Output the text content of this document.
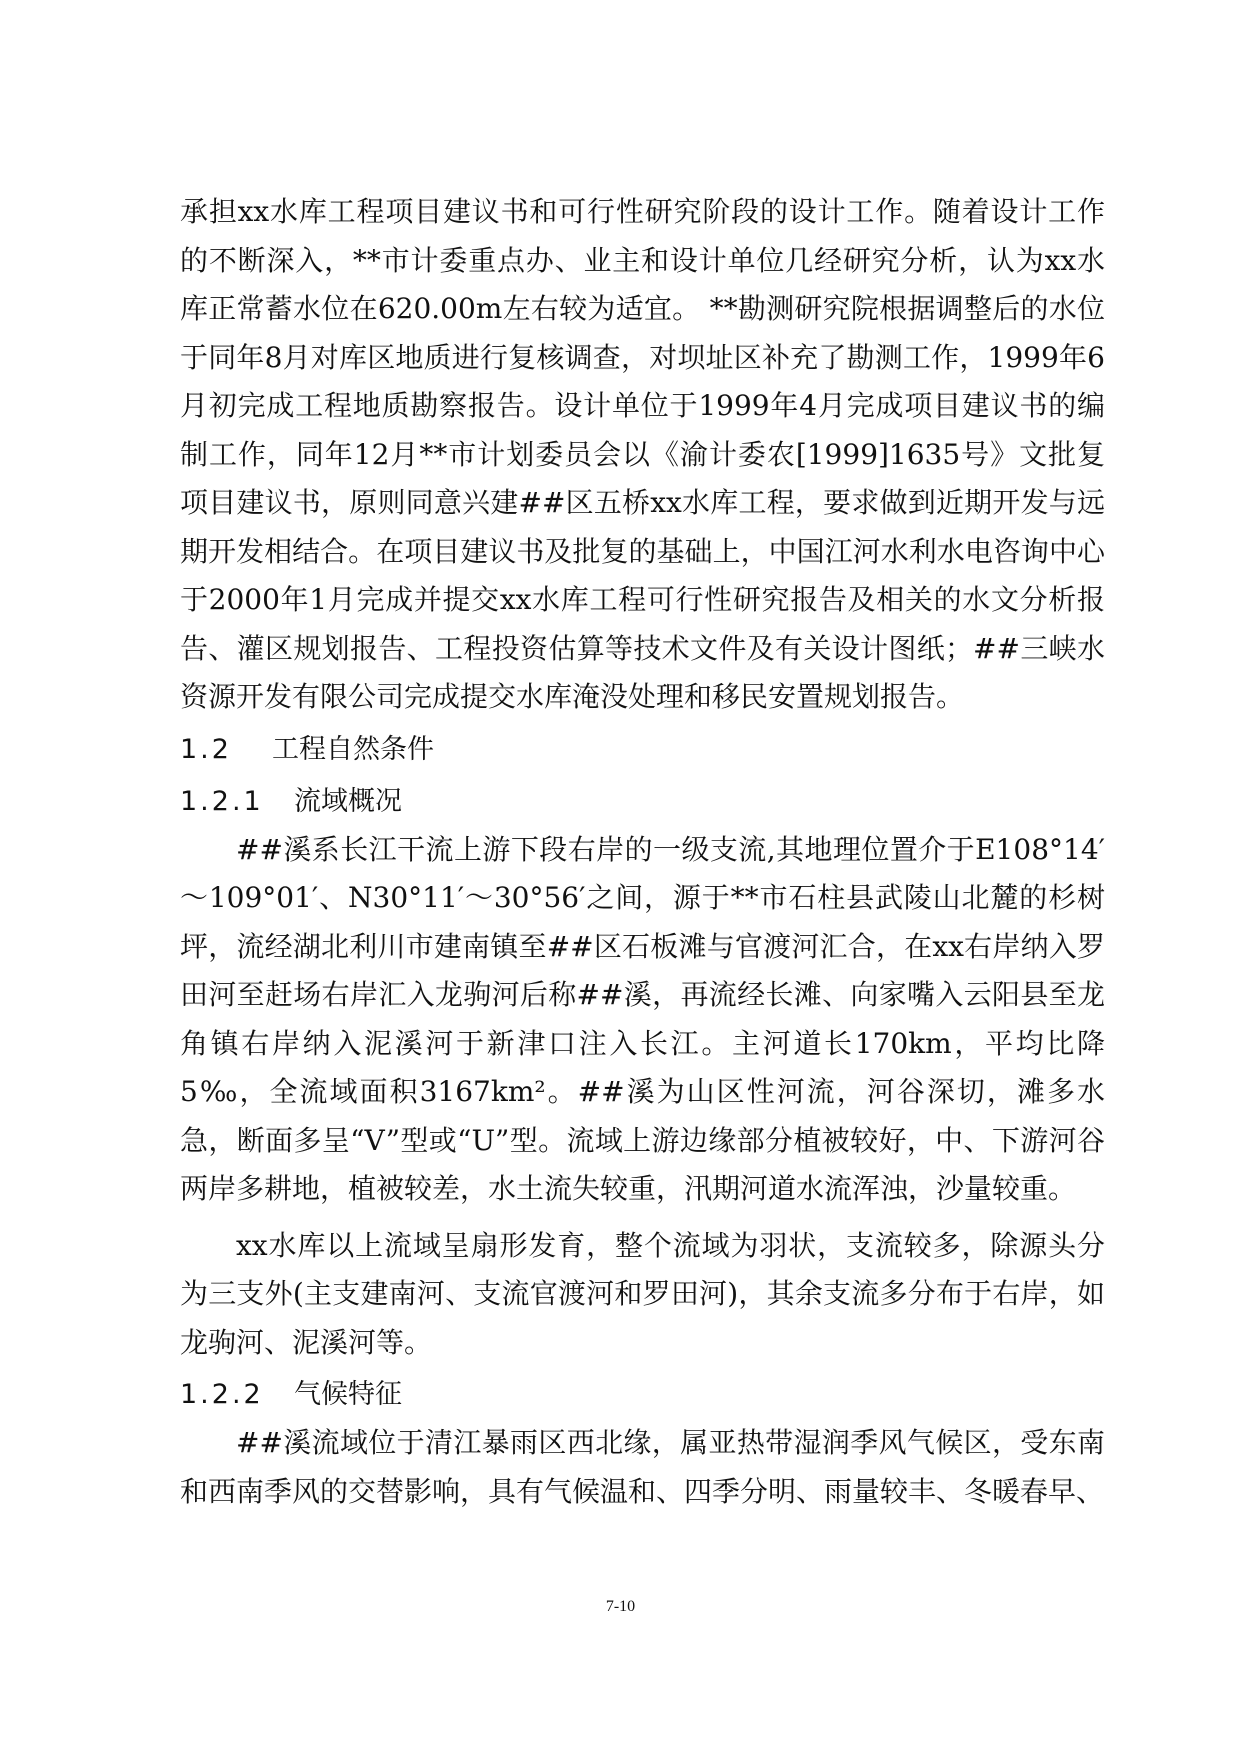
承担xx水库工程项目建议书和可行性研究阶段的设计工作。随着设计工作的不断深入，**市计委重点办、业主和设计单位几经研究分析，认为xx水库正常蓄水位在620.00m左右较为适宜。 **勘测研究院根据调整后的水位于同年8月对库区地质进行复核调查，对坝址区补充了勘测工作，1999年6月初完成工程地质勘察报告。设计单位于1999年4月完成项目建议书的编制工作，同年12月**市计划委员会以《渝计委农[1999]1635号》文批复项目建议书，原则同意兴建##区五桥xx水库工程，要求做到近期开发与远期开发相结合。在项目建议书及批复的基础上，中国江河水利水电咨询中心于2000年1月完成并提交xx水库工程可行性研究报告及相关的水文分析报告、灌区规划报告、工程投资估算等技术文件及有关设计图纸；##三峡水资源开发有限公司完成提交水库淹没处理和移民安置规划报告。

1.2	工程自然条件
1.2.1	流域概况

##溪系长江干流上游下段右岸的一级支流,其地理位置介于E108°14′～109°01′、N30°11′～30°56′之间，源于**市石柱县武陵山北麓的杉树坪，流经湖北利川市建南镇至##区石板滩与官渡河汇合，在xx右岸纳入罗田河至赶场右岸汇入龙驹河后称##溪，再流经长滩、向家嘴入云阳县至龙角镇右岸纳入泥溪河于新津口注入长江。主河道长170km，平均比降5‰，全流域面积3167km²。##溪为山区性河流，河谷深切，滩多水急，断面多呈“V”型或“U”型。流域上游边缘部分植被较好，中、下游河谷两岸多耕地，植被较差，水土流失较重，汛期河道水流浑浊，沙量较重。

xx水库以上流域呈扇形发育，整个流域为羽状，支流较多，除源头分为三支外(主支建南河、支流官渡河和罗田河)，其余支流多分布于右岸，如龙驹河、泥溪河等。

1.2.2	气候特征

##溪流域位于清江暴雨区西北缘，属亚热带湿润季风气候区，受东南和西南季风的交替影响，具有气候温和、四季分明、雨量较丰、冬暖春早、

7-10
